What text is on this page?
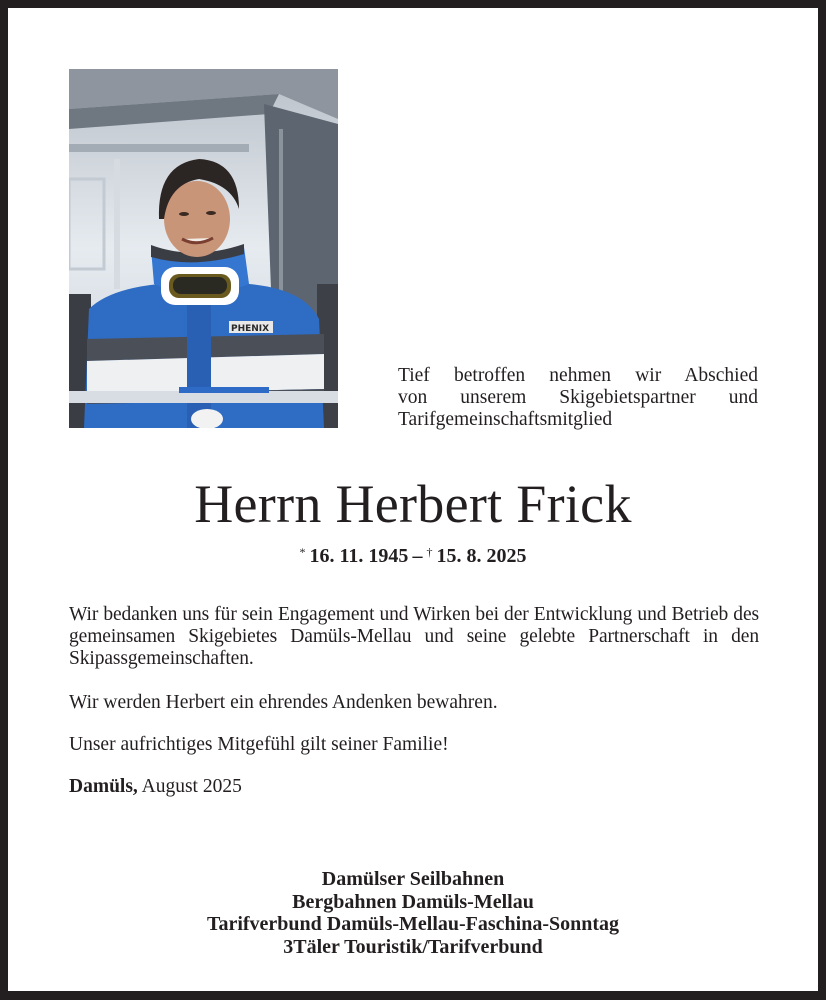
PHENIX
Tief betroffen nehmen wir Abschied
von unserem Skigebietspartner und
Tarifgemeinschaftsmitglied
Herrn Herbert Frick
*  16. 11. 1945  –  †  15. 8. 2025

Wir bedanken uns für sein Engagement und Wirken bei der Entwicklung und Betrieb des gemeinsamen Skigebietes Damüls-Mellau und seine gelebte Partnerschaft in den Skipassgemeinschaften.

Wir werden Herbert ein ehrendes Andenken bewahren.

Unser aufrichtiges Mitgefühl gilt seiner Familie!

Damüls, August 2025

Damülser Seilbahnen
Bergbahnen Damüls-Mellau
Tarifverbund Damüls-Mellau-Faschina-Sonntag
3Täler Touristik/Tarifverbund
